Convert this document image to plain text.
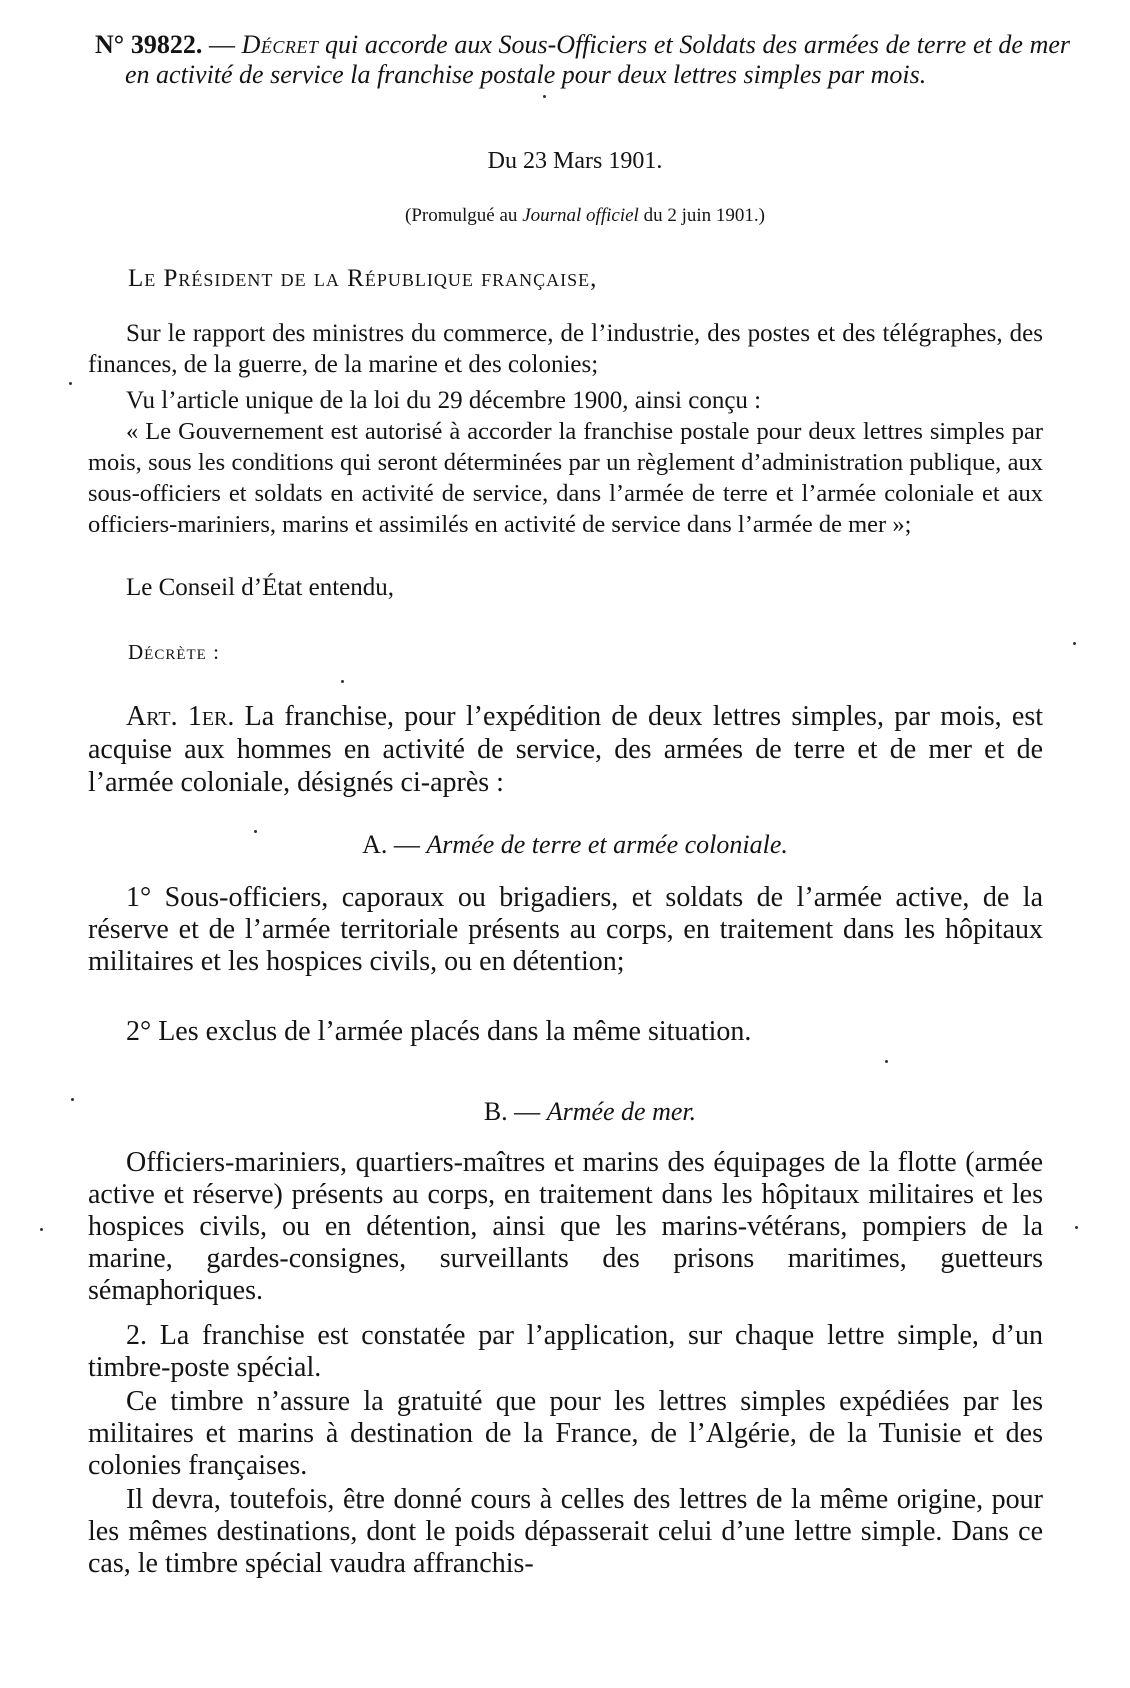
N° 39822. — Décret qui accorde aux Sous-Officiers et Soldats des armées de terre et de mer en activité de service la franchise postale pour deux lettres simples par mois.
Du 23 Mars 1901.
(Promulgué au Journal officiel du 2 juin 1901.)
Le Président de la République française,
Sur le rapport des ministres du commerce, de l’industrie, des postes et des télégraphes, des finances, de la guerre, de la marine et des colonies;
Vu l’article unique de la loi du 29 décembre 1900, ainsi conçu :
« Le Gouvernement est autorisé à accorder la franchise postale pour deux lettres simples par mois, sous les conditions qui seront déterminées par un règlement d’administration publique, aux sous-officiers et soldats en activité de service, dans l’armée de terre et l’armée coloniale et aux officiers-mariniers, marins et assimilés en activité de service dans l’armée de mer »;
Le Conseil d’État entendu,
Décrète :
Art. 1er. La franchise, pour l’expédition de deux lettres simples, par mois, est acquise aux hommes en activité de service, des armées de terre et de mer et de l’armée coloniale, désignés ci-après :
A. — Armée de terre et armée coloniale.
1° Sous-officiers, caporaux ou brigadiers, et soldats de l’armée active, de la réserve et de l’armée territoriale présents au corps, en traitement dans les hôpitaux militaires et les hospices civils, ou en détention;
2° Les exclus de l’armée placés dans la même situation.
B. — Armée de mer.
Officiers-mariniers, quartiers-maîtres et marins des équipages de la flotte (armée active et réserve) présents au corps, en traitement dans les hôpitaux militaires et les hospices civils, ou en détention, ainsi que les marins-vétérans, pompiers de la marine, gardes-consignes, surveillants des prisons maritimes, guetteurs sémaphoriques.
2. La franchise est constatée par l’application, sur chaque lettre simple, d’un timbre-poste spécial.
Ce timbre n’assure la gratuité que pour les lettres simples expédiées par les militaires et marins à destination de la France, de l’Algérie, de la Tunisie et des colonies françaises.
Il devra, toutefois, être donné cours à celles des lettres de la même origine, pour les mêmes destinations, dont le poids dépasserait celui d’une lettre simple. Dans ce cas, le timbre spécial vaudra affranchis-
